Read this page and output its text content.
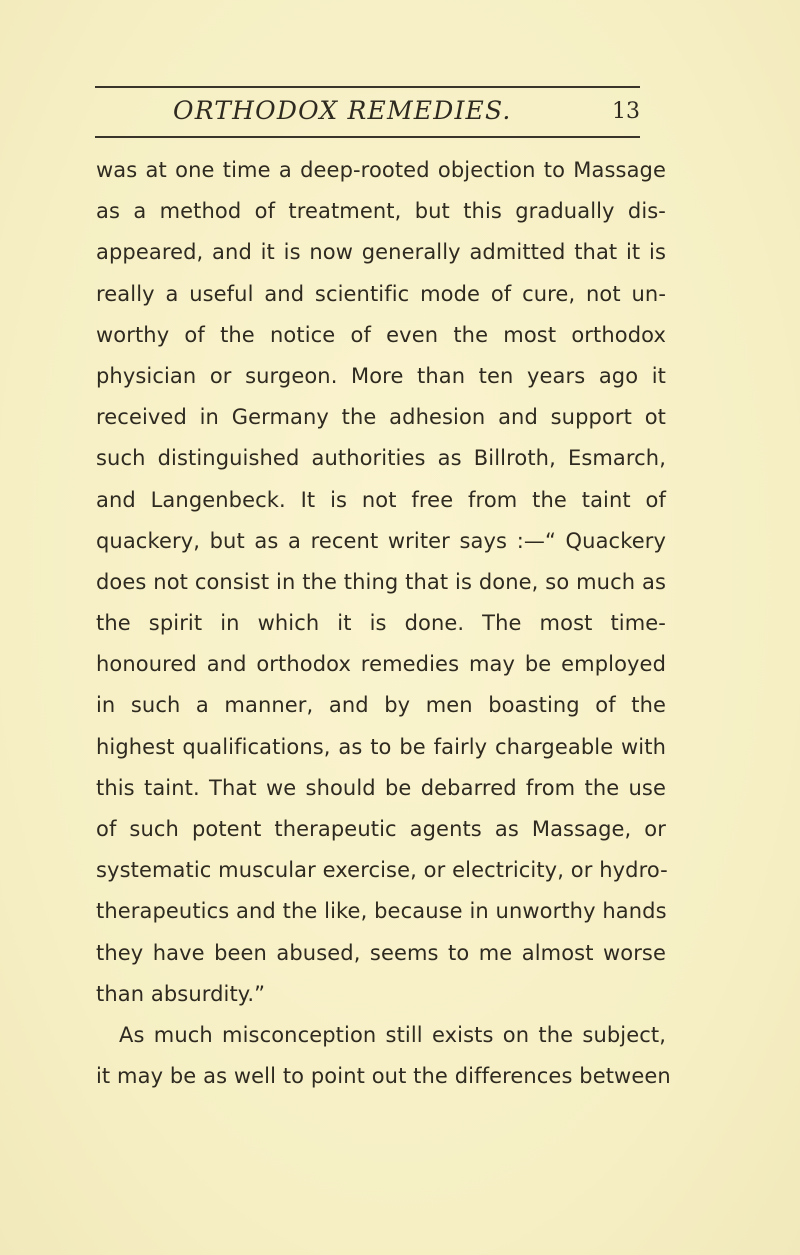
ORTHODOX REMEDIES.	13
was at one time a deep-rooted objection to Massage
as a method of treatment, but this gradually dis-
appeared, and it is now generally admitted that it is
really a useful and scientific mode of cure, not un-
worthy of the notice of even the most orthodox
physician or surgeon. More than ten years ago it
received in Germany the adhesion and support ot
such distinguished authorities as Billroth, Esmarch,
and Langenbeck. It is not free from the taint of
quackery, but as a recent writer says :—“ Quackery
does not consist in the thing that is done, so much as
the spirit in which it is done. The most time-
honoured and orthodox remedies may be employed
in such a manner, and by men boasting of the
highest qualifications, as to be fairly chargeable with
this taint. That we should be debarred from the use
of such potent therapeutic agents as Massage, or
systematic muscular exercise, or electricity, or hydro-
therapeutics and the like, because in unworthy hands
they have been abused, seems to me almost worse
than absurdity.”
As much misconception still exists on the subject,
it may be as well to point out the differences between
